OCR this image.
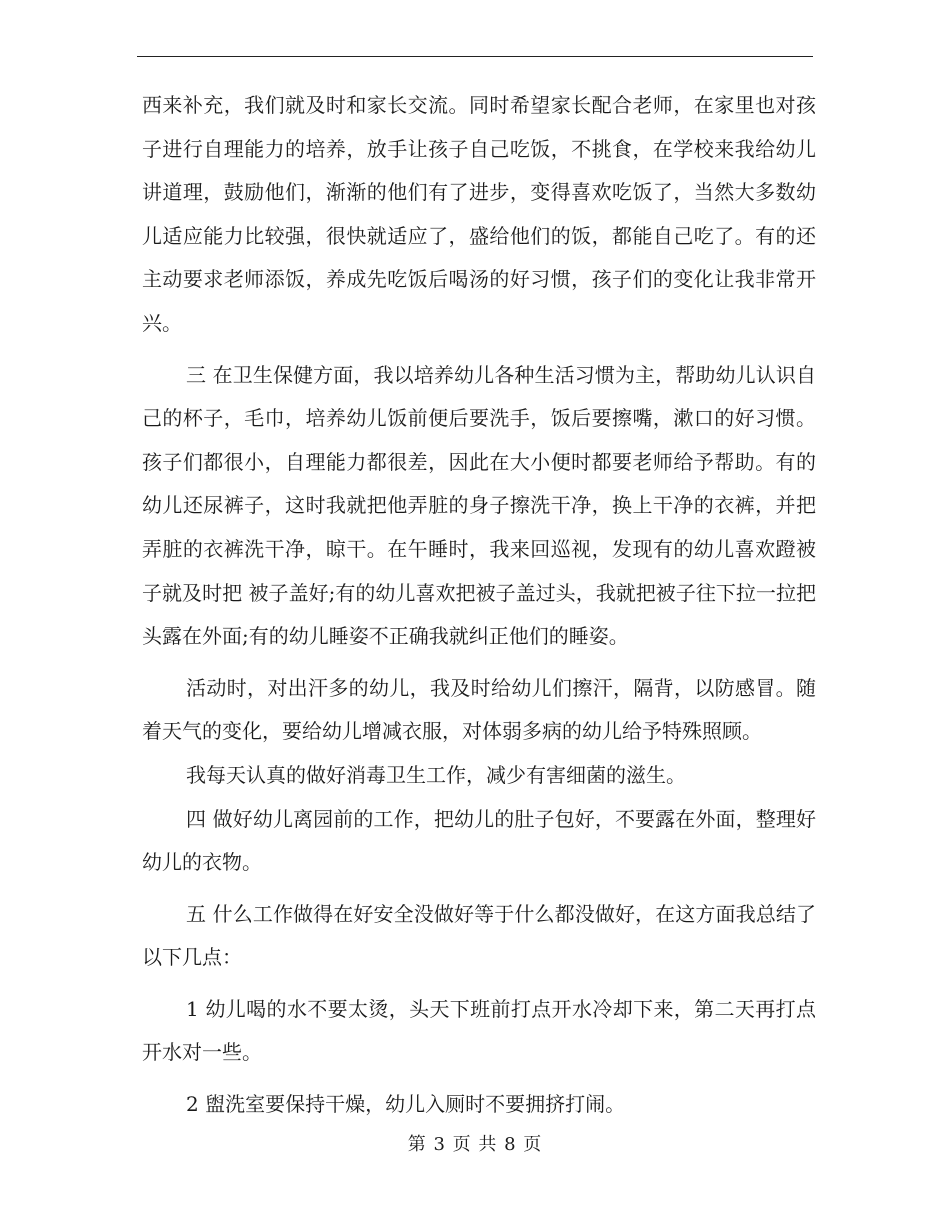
西来补充，我们就及时和家长交流。同时希望家长配合老师，在家里也对孩子进行自理能力的培养，放手让孩子自己吃饭，不挑食，在学校来我给幼儿讲道理，鼓励他们，渐渐的他们有了进步，变得喜欢吃饭了，当然大多数幼儿适应能力比较强，很快就适应了，盛给他们的饭，都能自己吃了。有的还主动要求老师添饭，养成先吃饭后喝汤的好习惯，孩子们的变化让我非常开兴。

三 在卫生保健方面，我以培养幼儿各种生活习惯为主，帮助幼儿认识自己的杯子，毛巾，培养幼儿饭前便后要洗手，饭后要擦嘴，漱口的好习惯。孩子们都很小，自理能力都很差，因此在大小便时都要老师给予帮助。有的幼儿还尿裤子，这时我就把他弄脏的身子擦洗干净，换上干净的衣裤，并把弄脏的衣裤洗干净，晾干。在午睡时，我来回巡视，发现有的幼儿喜欢蹬被子就及时把 被子盖好;有的幼儿喜欢把被子盖过头，我就把被子往下拉一拉把头露在外面;有的幼儿睡姿不正确我就纠正他们的睡姿。

活动时，对出汗多的幼儿，我及时给幼儿们擦汗，隔背，以防感冒。随着天气的变化，要给幼儿增减衣服，对体弱多病的幼儿给予特殊照顾。

我每天认真的做好消毒卫生工作，减少有害细菌的滋生。

四 做好幼儿离园前的工作，把幼儿的肚子包好，不要露在外面，整理好幼儿的衣物。

五 什么工作做得在好安全没做好等于什么都没做好，在这方面我总结了以下几点：

1 幼儿喝的水不要太烫，头天下班前打点开水冷却下来，第二天再打点开水对一些。

2 盥洗室要保持干燥，幼儿入厕时不要拥挤打闹。

第 3 页 共 8 页
